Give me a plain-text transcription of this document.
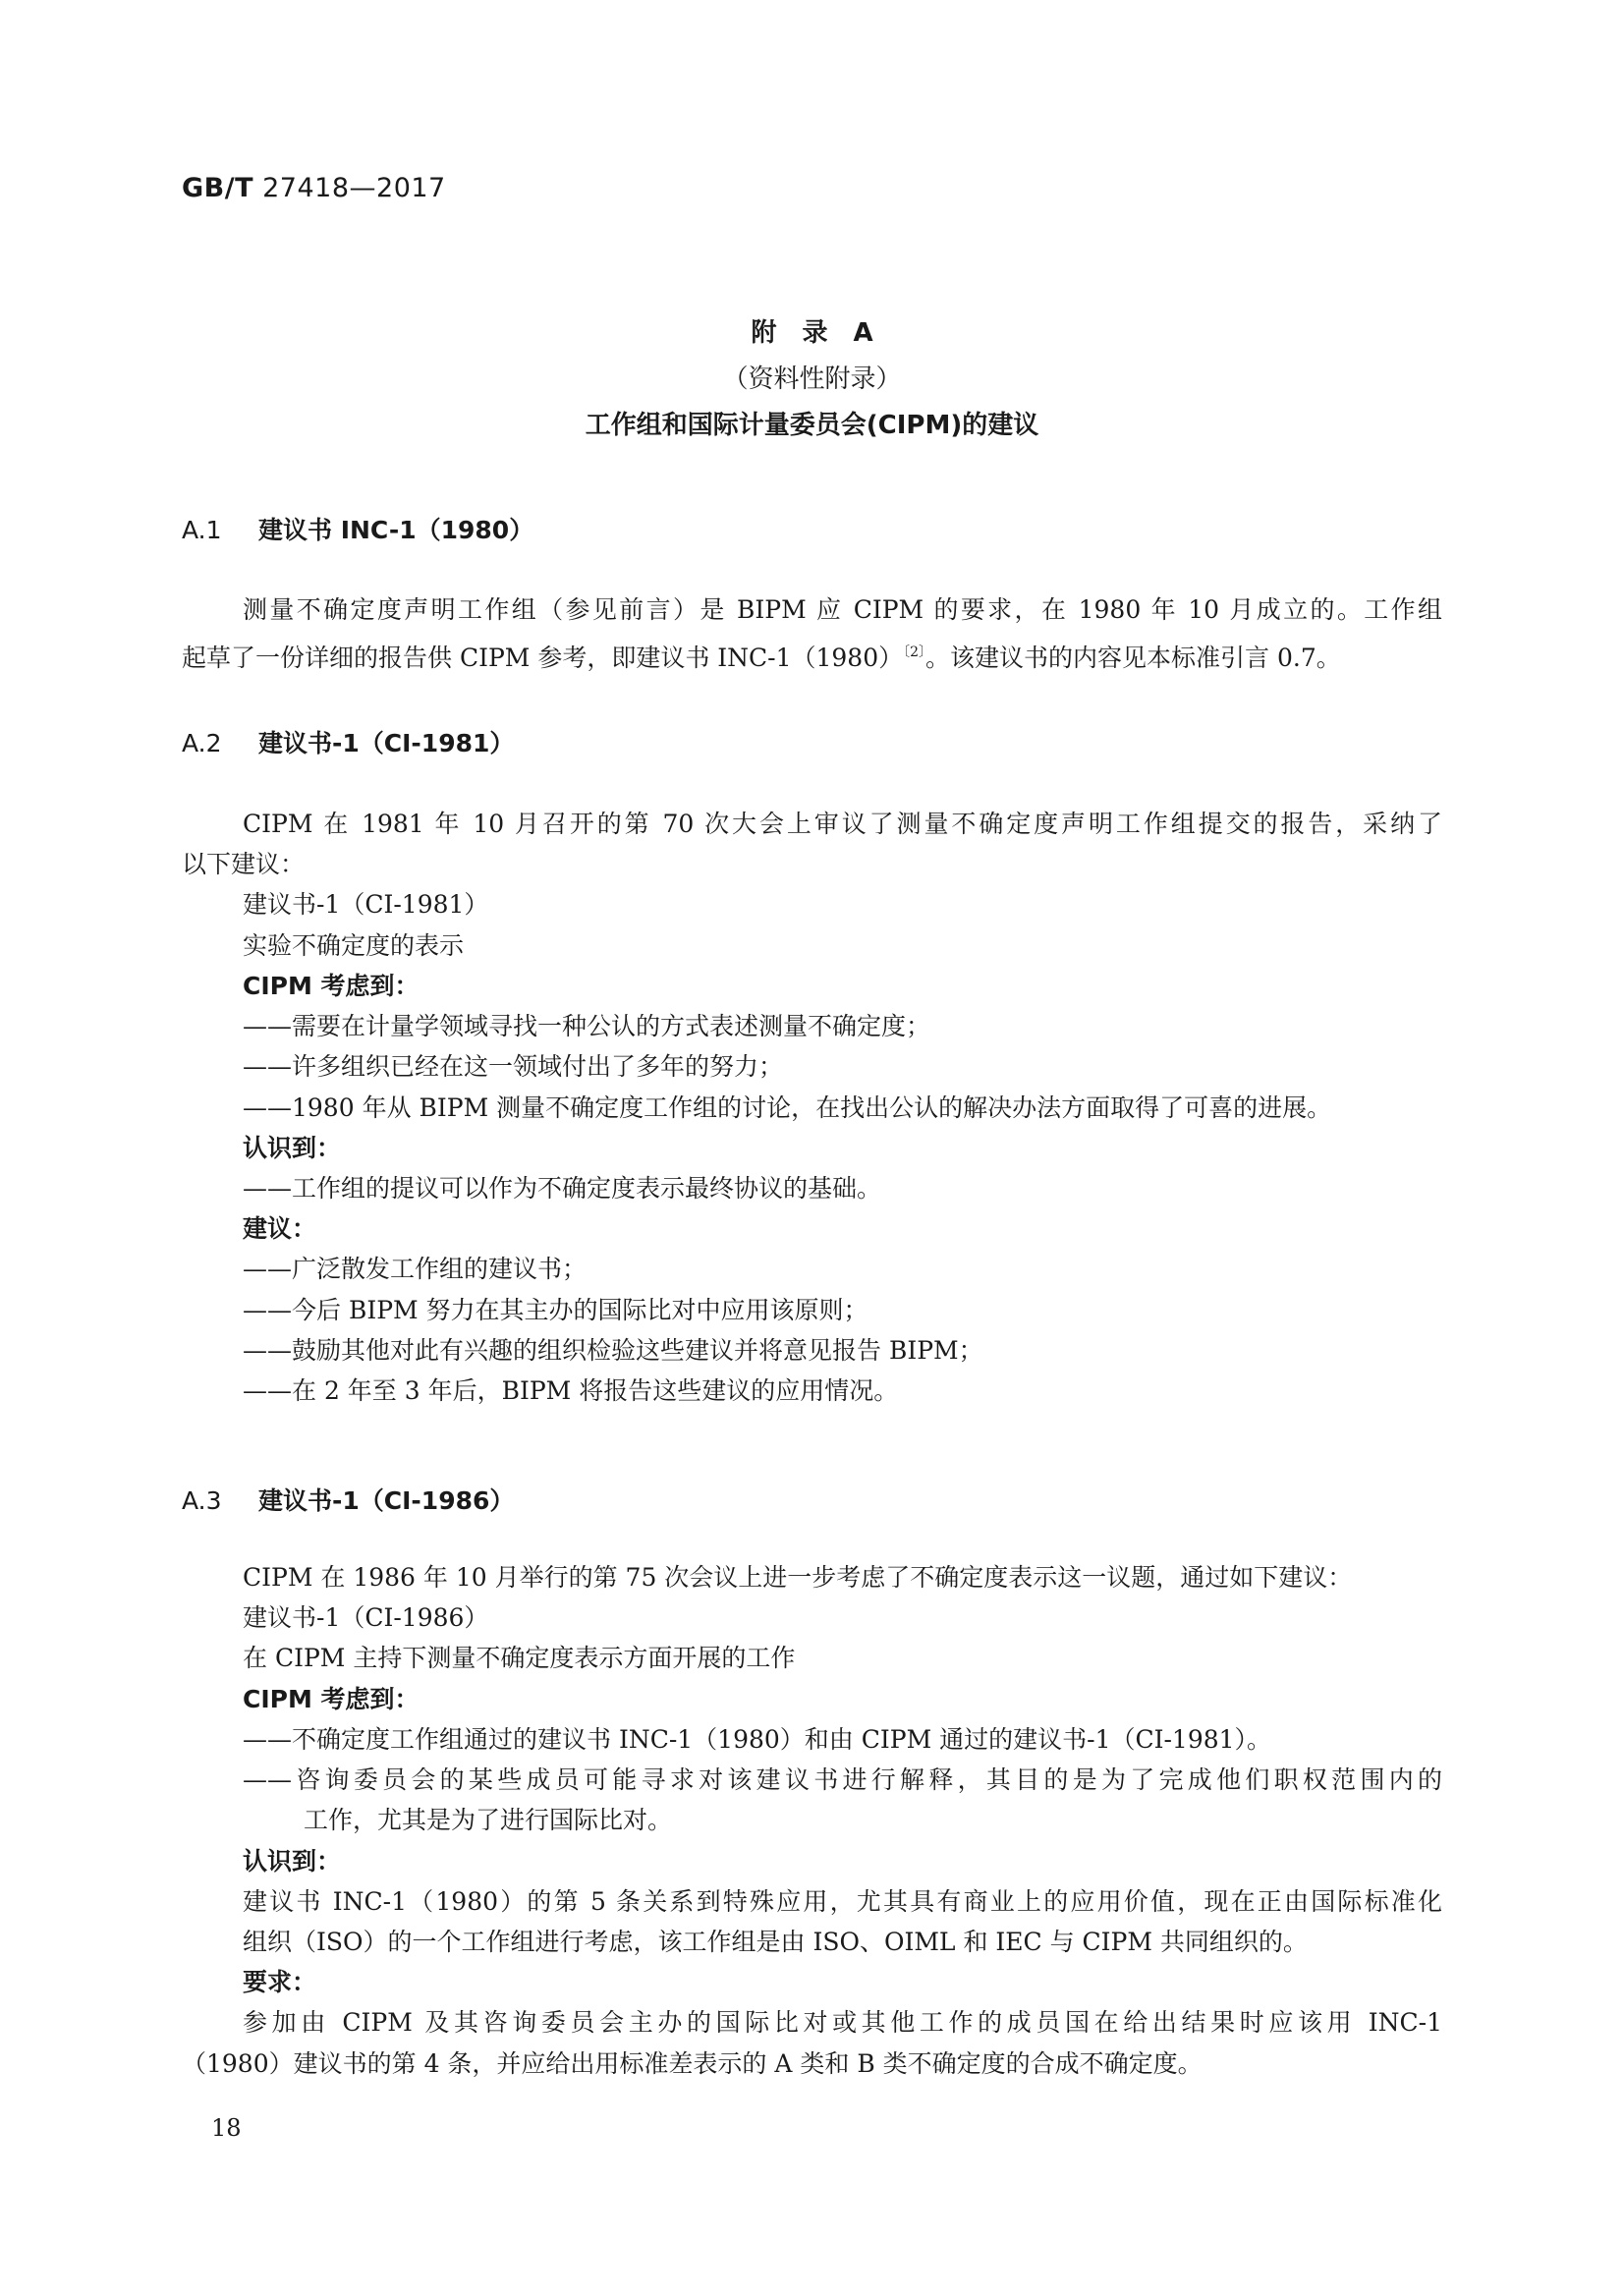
GB/T 27418—2017
附　录　A
（资料性附录）
工作组和国际计量委员会(CIPM)的建议
A.1 建议书 INC-1（1980）
测量不确定度声明工作组（参见前言）是 BIPM 应 CIPM 的要求，在 1980 年 10 月成立的。工作组
起草了一份详细的报告供 CIPM 参考，即建议书 INC-1（1980）$^{〔2〕}$。该建议书的内容见本标准引言 0.7。
A.2 建议书-1（CI-1981）
CIPM 在 1981 年 10 月召开的第 70 次大会上审议了测量不确定度声明工作组提交的报告，采纳了
以下建议：
建议书-1（CI-1981）
实验不确定度的表示
CIPM 考虑到：
——需要在计量学领域寻找一种公认的方式表述测量不确定度；
——许多组织已经在这一领域付出了多年的努力；
——1980 年从 BIPM 测量不确定度工作组的讨论，在找出公认的解决办法方面取得了可喜的进展。
认识到：
——工作组的提议可以作为不确定度表示最终协议的基础。
建议：
——广泛散发工作组的建议书；
——今后 BIPM 努力在其主办的国际比对中应用该原则；
——鼓励其他对此有兴趣的组织检验这些建议并将意见报告 BIPM；
——在 2 年至 3 年后，BIPM 将报告这些建议的应用情况。
A.3 建议书-1（CI-1986）
CIPM 在 1986 年 10 月举行的第 75 次会议上进一步考虑了不确定度表示这一议题，通过如下建议：
建议书-1（CI-1986）
在 CIPM 主持下测量不确定度表示方面开展的工作
CIPM 考虑到：
——不确定度工作组通过的建议书 INC-1（1980）和由 CIPM 通过的建议书-1（CI-1981）。
——咨询委员会的某些成员可能寻求对该建议书进行解释，其目的是为了完成他们职权范围内的
工作，尤其是为了进行国际比对。
认识到：
建议书 INC-1（1980）的第 5 条关系到特殊应用，尤其具有商业上的应用价值，现在正由国际标准化
组织（ISO）的一个工作组进行考虑，该工作组是由 ISO、OIML 和 IEC 与 CIPM 共同组织的。
要求：
参加由 CIPM 及其咨询委员会主办的国际比对或其他工作的成员国在给出结果时应该用 INC-1
（1980）建议书的第 4 条，并应给出用标准差表示的 A 类和 B 类不确定度的合成不确定度。
18
